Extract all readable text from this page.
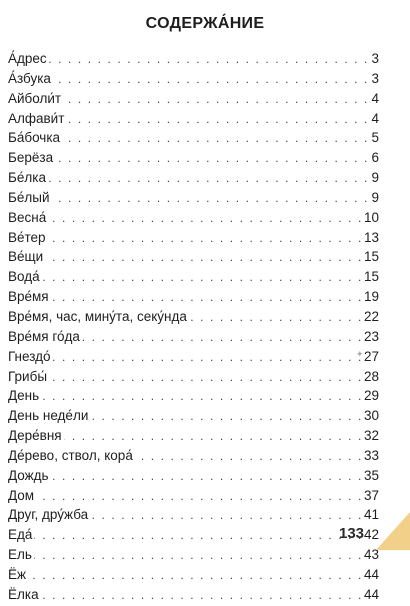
СОДЕРЖА́НИЕ
А́дрес . . .	3
А́збука . . .	3
Айболи́т . . .	4
Алфави́т . . .	4
Ба́бочка . . .	5
Берёза . . .	6
Бе́лка . . .	9
Бе́лый . . .	9
Весна́ . . .	10
Ве́тер . . .	13
Ве́щи . . .	15
Вода́ . . .	15
Вре́мя . . .	19
Вре́мя, час, мину́та, секу́нда . . .	22
Вре́мя го́да . . .	23
Гнездо́ . . .	27
Грибы́ . . .	28
День . . .	29
День неде́ли . . .	30
Дере́вня . . .	32
Де́рево, ствол, кора́ . . .	33
Дождь . . .	35
Дом . . .	37
Друг, дру́жба . . .	41
Еда́ . . .	42
Ель . . .	43
Ёж . . .	44
Ёлка . . .	44
✦
133
